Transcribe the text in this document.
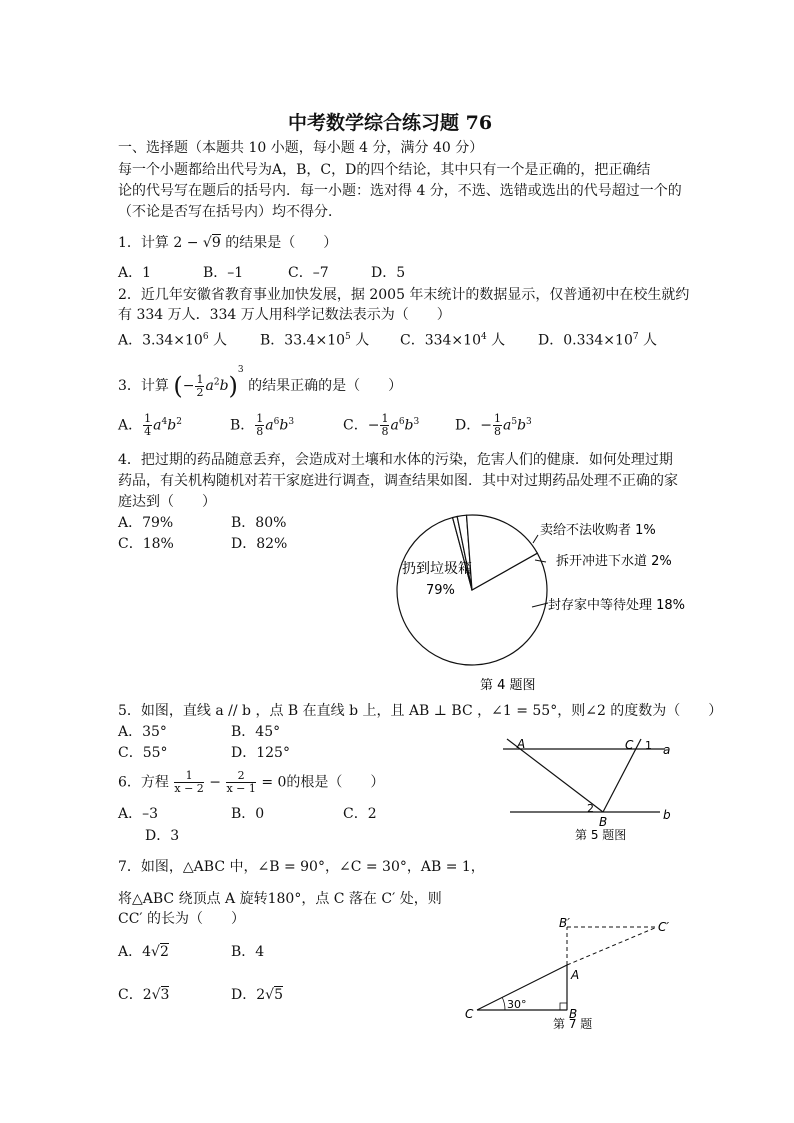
中考数学综合练习题 76
一、选择题（本题共 10 小题，每小题 4 分，满分 40 分）
每一个小题都给出代号为A，B，C，D的四个结论，其中只有一个是正确的，把正确结
论的代号写在题后的括号内．每一小题：选对得 4 分，不选、选错或选出的代号超过一个的
（不论是否写在括号内）均不得分．
1．计算 2 − √9 的结果是（　　）
A．1	B．–1	C．–7	D．5
2．近几年安徽省教育事业加快发展，据 2005 年末统计的数据显示，仅普通初中在校生就约
有 334 万人．334 万人用科学记数法表示为（　　）
A．$3.34\times 10^6$ 人 B．$33.4\times 10^5$ 人 C．$334\times 10^4$ 人 D．$0.334\times 10^7$ 人
3．计算 (− $\frac{1}{2} a^2b)^3$ 的结果正确的是（　　）
A． $\frac{1}{4} a^4b^2$	B． $\frac{1}{8} a^6b^3$	C．− $\frac{1}{8} a^6b^3$	D．− $\frac{1}{8} a^5b^3$
4．把过期的药品随意丢弃，会造成对土壤和水体的污染，危害人们的健康．如何处理过期
药品，有关机构随机对若干家庭进行调查，调查结果如图．其中对过期药品处理不正确的家
庭达到（　　）
A．79%	B．80%
C．18%	D．82%
扔到垃圾箱
79%
卖给不法收购者 1%
拆开冲进下水道 2%
封存家中等待处理 18%
第 4 题图
5．如图，直线 a // b ，点 B 在直线 b 上，且 AB ⊥ BC ，∠1 = 55°，则∠2 的度数为（　　）
A．35°	B．45°
C．55°	D．125°
A	C 1 a
2
B	b
第 5 题图
6．方程 $\frac{1}{x - 2} - \frac{2}{x - 1} = 0$的根是（　　）
A．–3	B．0	C．2
D．3
7．如图，△ABC 中，∠B = 90°，∠C = 30°，AB = 1，
将△ABC 绕顶点 A 旋转180°，点 C 落在 C′ 处，则
CC′ 的长为（　　）
A．4√2	B．4
C．2√3	D．2√5
30°
B′	C′
A
C	B
第 7 题
